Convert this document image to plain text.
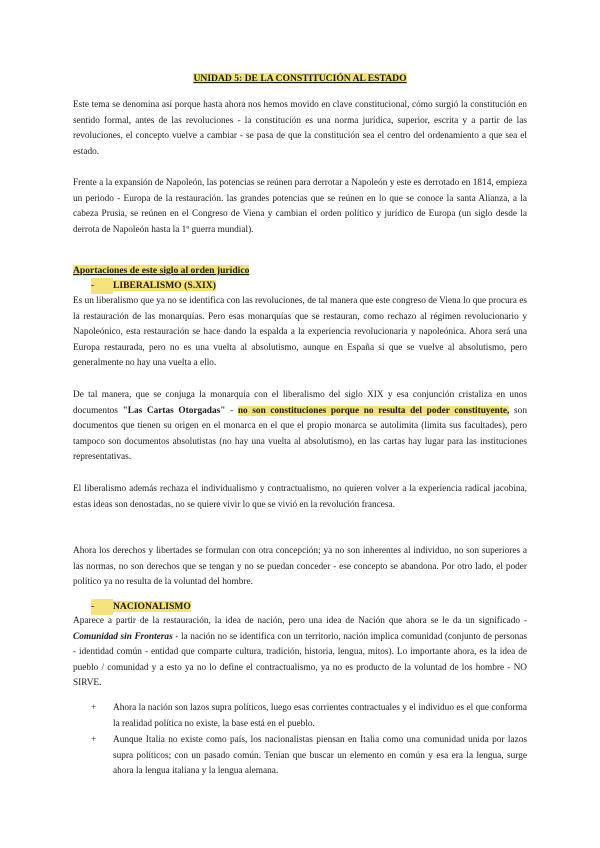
UNIDAD 5: DE LA CONSTITUCIÓN AL ESTADO
Este tema se denomina así porque hasta ahora nos hemos movido en clave constitucional, cómo surgió la constitución en sentido formal, antes de las revoluciones - la constitución es una norma jurídica, superior, escrita y a partir de las revoluciones, el concepto vuelve a cambiar - se pasa de que la constitución sea el centro del ordenamiento a que sea el estado.
Frente a la expansión de Napoleón, las potencias se reúnen para derrotar a Napoleón y este es derrotado en 1814, empieza un periodo - Europa de la restauración. las grandes potencias que se reúnen en lo que se conoce la santa Alianza, a la cabeza Prusia, se reúnen en el Congreso de Viena y cambian el orden político y jurídico de Europa (un siglo desde la derrota de Napoleón hasta la 1º guerra mundial).
Aportaciones de este siglo al orden jurídico
- LIBERALISMO (S.XIX)
Es un liberalismo que ya no se identifica con las revoluciones, de tal manera que este congreso de Viena lo que procura es la restauración de las monarquías. Pero esas monarquías que se restauran, como rechazo al régimen revolucionario y Napoleónico, esta restauración se hace dando la espalda a la experiencia revolucionaria y napoleónica. Ahora será una Europa restaurada, pero no es una vuelta al absolutismo, aunque en España sí que se vuelve al absolutismo, pero generalmente no hay una vuelta a ello.
De tal manera, que se conjuga la monarquía con el liberalismo del siglo XIX y esa conjunción cristaliza en unos documentos "Las Cartas Otorgadas" - no son constituciones porque no resulta del poder constituyente, son documentos que tienen su origen en el monarca en el que el propio monarca se autolimita (limita sus facultades), pero tampoco son documentos absolutistas (no hay una vuelta al absolutismo), en las cartas hay lugar para las instituciones representativas.
El liberalismo además rechaza el individualismo y contractualismo, no quieren volver a la experiencia radical jacobina, estas ideas son denostadas, no se quiere vivir lo que se vivió en la revolución francesa.
Ahora los derechos y libertades se formulan con otra concepción; ya no son inherentes al individuo, no son superiores a las normas, no son derechos que se tengan y no se puedan conceder - ese concepto se abandona. Por otro lado, el poder político ya no resulta de la voluntad del hombre.
- NACIONALISMO
Aparece a partir de la restauración, la idea de nación, pero una idea de Nación que ahora se le da un significado - Comunidad sin Fronteras - la nación no se identifica con un territorio, nación implica comunidad (conjunto de personas - identidad común - entidad que comparte cultura, tradición, historia, lengua, mitos). Lo importante ahora, es la idea de pueblo / comunidad y a esto ya no lo define el contractualismo, ya no es producto de la voluntad de los hombre - NO SIRVE.
+	Ahora la nación son lazos supra políticos, luego esas corrientes contractuales y el individuo es el que conforma la realidad política no existe, la base está en el pueblo.
+	Aunque Italia no existe como país, los nacionalistas piensan en Italia como una comunidad unida por lazos supra políticos; con un pasado común. Tenían que buscar un elemento en común y esa era la lengua, surge ahora la lengua italiana y la lengua alemana.
